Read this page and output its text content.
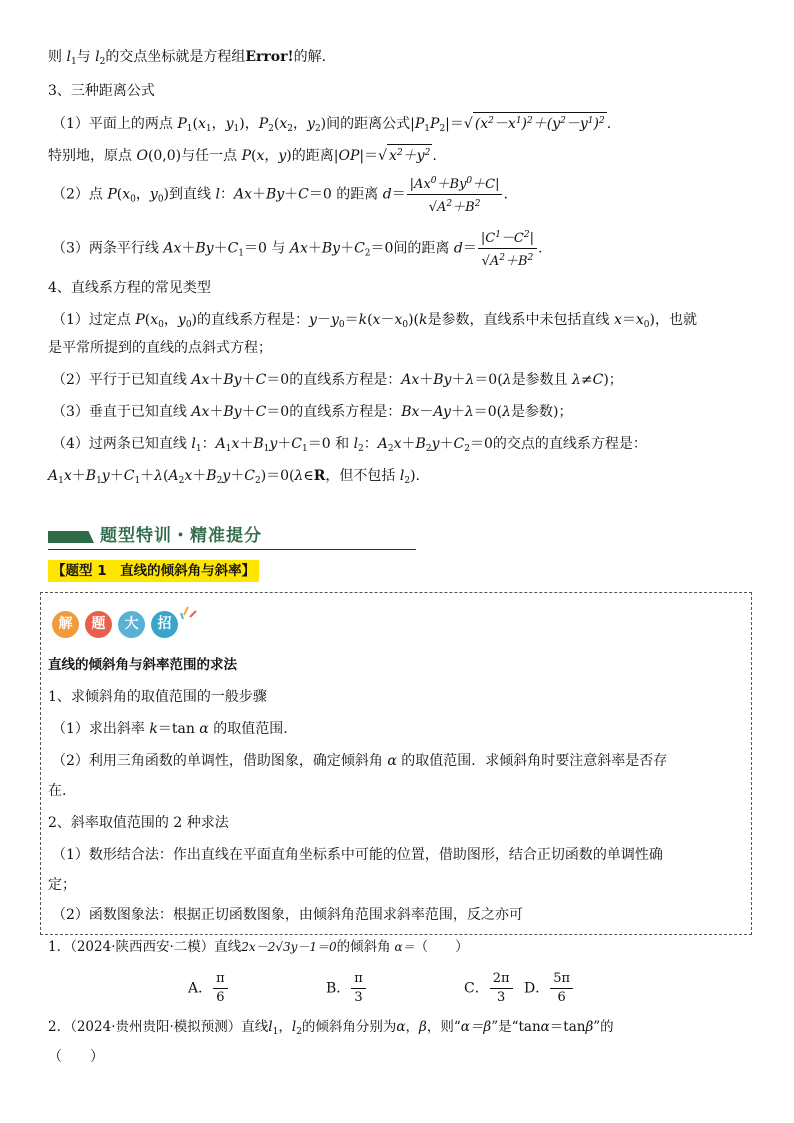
则 $l_1$与 $l_2$的交点坐标就是方程组Error!的解.
3、三种距离公式
（1）平面上的两点 $P_1(x_1$，$y_1$)，$P_2(x_2$，$y_2$)间的距离公式$|P_1P_2|=√$ $(x^2-x^1)^2+(y^2-y^1)^2$ .
特别地，原点 O(0,0)与任一点 P(x，y)的距离|OP|＝√ $x^2+y^2$ .
（2）点 $P(x_0$，$y_0$)到直线 l：Ax＋By＋C＝0 的距离 $d= \frac{|Ax^0+By^0+C|}{√A^2+B^2}$ .
（3）两条平行线 $Ax+By+C_1=0$ 与 $Ax+By+C_2=0$间的距离 $d= \frac{|C^1-C^2|}{√A^2+B^2}$ .
4、直线系方程的常见类型
（1）过定点 $P(x_0$，$y_0$)的直线系方程是：$y-y_0=k(x-x_0)(k$是参数，直线系中未包括直线 $x=x_0$)，也就
是平常所提到的直线的点斜式方程；
（2）平行于已知直线 Ax＋By＋C＝0的直线系方程是：Ax＋By＋λ＝0(λ是参数且 λ≠C)；
（3）垂直于已知直线 Ax＋By＋C＝0的直线系方程是：Bx－Ay＋λ＝0(λ是参数)；
（4）过两条已知直线 $l_1$：$A_1x+B_1y+C_1=0$ 和 $l_2$：$A_2x+B_2y+C_2=0$的交点的直线系方程是：
$A_1x+B_1y+C_1+\lambda(A_2x+B_2y+C_2)=0(\lambda\in R$，但不包括 $l_2$).
题型特训・精准提分
【题型 1　直线的倾斜角与斜率】
解	题	大	招
直线的倾斜角与斜率范围的求法
1、求倾斜角的取值范围的一般步骤
（1）求出斜率 k＝tan α 的取值范围.
（2）利用三角函数的单调性，借助图象，确定倾斜角 α 的取值范围．求倾斜角时要注意斜率是否存
在.
2、斜率取值范围的 2 种求法
（1）数形结合法：作出直线在平面直角坐标系中可能的位置，借助图形，结合正切函数的单调性确
定；
（2）函数图象法：根据正切函数图象，由倾斜角范围求斜率范围，反之亦可
1．（2024·陕西西安·二模）直线2x－2√3y－1＝0的倾斜角 α＝（　　）
A． $\frac{\pi}{6}$	B． $\frac{\pi}{3}$	C． $\frac{2\pi}{3}$ D． $\frac{5\pi}{6}$
2．（2024·贵州贵阳·模拟预测）直线$l_1$，$l_2$的倾斜角分别为α，β，则“α＝β”是“tanα＝tanβ”的
（　　）
